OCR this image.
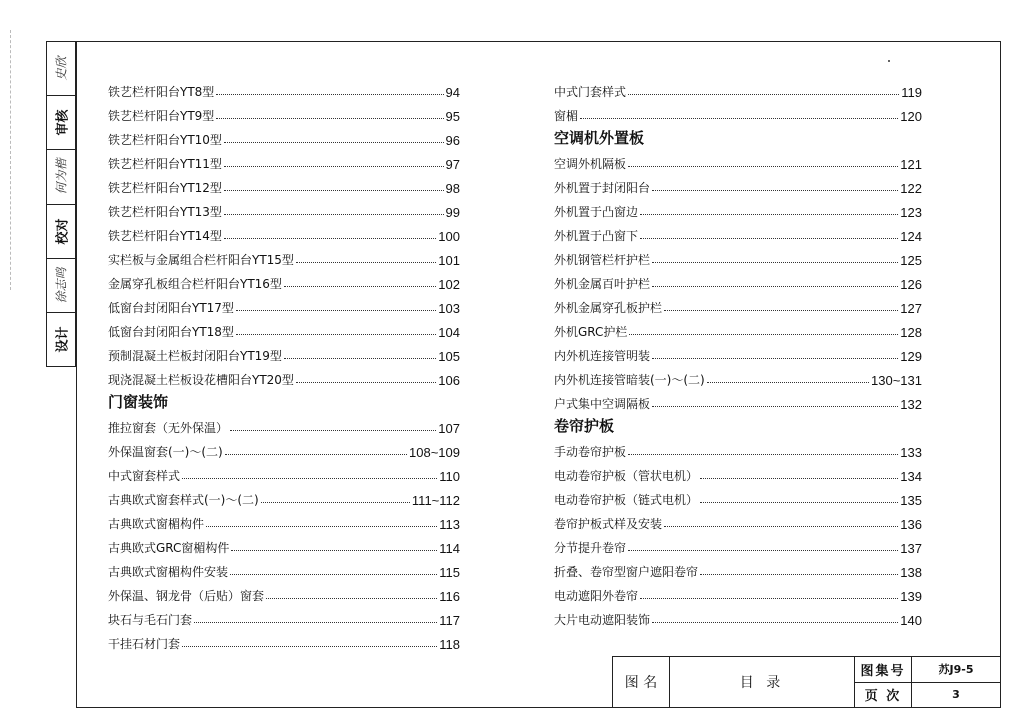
史欣
审核
何为楷
校对
徐志鸣
设计
铁艺栏杆阳台YT8型	94
铁艺栏杆阳台YT9型	95
铁艺栏杆阳台YT10型	96
铁艺栏杆阳台YT11型	97
铁艺栏杆阳台YT12型	98
铁艺栏杆阳台YT13型	99
铁艺栏杆阳台YT14型	100
实栏板与金属组合栏杆阳台YT15型	101
金属穿孔板组合栏杆阳台YT16型	102
低窗台封闭阳台YT17型	103
低窗台封闭阳台YT18型	104
预制混凝土栏板封闭阳台YT19型	105
现浇混凝土栏板设花槽阳台YT20型	106
门窗装饰
推拉窗套（无外保温）	107
外保温窗套(一)～(二)	108~109
中式窗套样式	110
古典欧式窗套样式(一)～(二)	111~112
古典欧式窗楣构件	113
古典欧式GRC窗楣构件	114
古典欧式窗楣构件安装	115
外保温、钢龙骨（后贴）窗套	116
块石与毛石门套	117
干挂石材门套	118
中式门套样式	119
窗楣	120
空调机外置板
空调外机隔板	121
外机置于封闭阳台	122
外机置于凸窗边	123
外机置于凸窗下	124
外机钢管栏杆护栏	125
外机金属百叶护栏	126
外机金属穿孔板护栏	127
外机GRC护栏	128
内外机连接管明装	129
内外机连接管暗装(一)～(二)	130~131
户式集中空调隔板	132
卷帘护板
手动卷帘护板	133
电动卷帘护板（管状电机）	134
电动卷帘护板（链式电机）	135
卷帘护板式样及安装	136
分节提升卷帘	137
折叠、卷帘型窗户遮阳卷帘	138
电动遮阳外卷帘	139
大片电动遮阳装饰	140
图 名	目 录
图集号	苏J9-5
页 次	3
